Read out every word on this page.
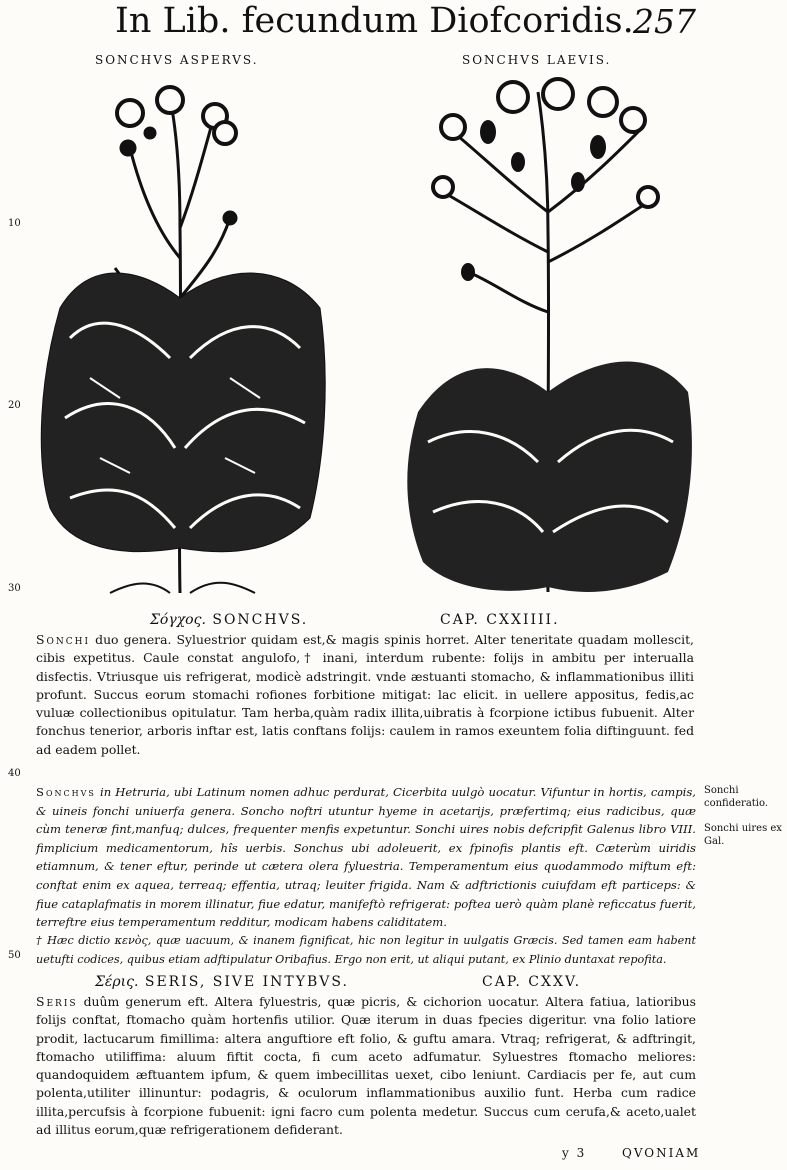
In Lib. fecundum Diofcoridis. 257
SONCHVS ASPERVS.	SONCHVS LAEVIS.
10
20
30
40
50
Σόγχος. SONCHVS.	CAP. CXXIIII.

Sonchi duo genera. Syluestrior quidam est,& magis spinis horret. Alter teneritate quadam mollescit, cibis expetitus. Caule constat angulofo,† inani, interdum rubente: folijs in ambitu per interualla disfectis. Vtriusque uis refrigerat, modicè adstringit. vnde æstuanti stomacho, & inflammationibus illiti profunt. Succus eorum stomachi rofiones forbitione mitigat: lac elicit. in uellere appositus, fedis,ac vuluæ collectionibus opitulatur. Tam herba,quàm radix illita,uibratis à fcorpione ictibus fubuenit. Alter fonchus tenerior, arboris inftar est, latis conftans folijs: caulem in ramos exeuntem folia diftinguunt. fed ad eadem pollet.

Sonchvs in Hetruria, ubi Latinum nomen adhuc perdurat, Cicerbita uulgò uocatur. Vifuntur in hortis, campis, & uineis fonchi uniuerfa genera. Soncho noftri utuntur hyeme in acetarijs, præfertimq; eius radicibus, quæ cùm teneræ fint,manfuq; dulces, frequenter menfis expetuntur. Sonchi uires nobis defcripfit Galenus libro VIII. fimplicium medicamentorum, hîs uerbis. Sonchus ubi adoleuerit, ex fpinofis plantis eft. Cæterùm uiridis etiamnum, & tener eftur, perinde ut cætera olera fyluestria. Temperamentum eius quodammodo miftum eft: conftat enim ex aquea, terreaq; effentia, utraq; leuiter frigida. Nam & adftrictionis cuiufdam eft particeps: & fiue cataplafmatis in morem illinatur, fiue edatur, manifeftò refrigerat: poftea uerò quàm planè reficcatus fuerit, terreftre eius temperamentum redditur, modicam habens caliditatem.

† Hæc dictio κενὸς, quæ uacuum, & inanem fignificat, hic non legitur in uulgatis Græcis. Sed tamen eam habent uetufti codices, quibus etiam adftipulatur Oribafius. Ergo non erit, ut aliqui putant, ex Plinio duntaxat repofita.

Sonchi confideratio.
Sonchi uires ex Gal.
Σέρις. SERIS, SIVE INTYBVS.	CAP. CXXV.

Seris duûm generum eft. Altera fyluestris, quæ picris, & cichorion uocatur. Altera fatiua, latioribus folijs conftat, ftomacho quàm hortenfis utilior. Quæ iterum in duas fpecies digeritur. vna folio latiore prodit, lactucarum fimillima: altera anguftiore eft folio, & guftu amara. Vtraq; refrigerat, & adftringit, ftomacho utiliffima: aluum fiftit cocta, fi cum aceto adfumatur. Syluestres ftomacho meliores: quandoquidem æftuantem ipfum, & quem imbecillitas uexet, cibo leniunt. Cardiacis per fe, aut cum polenta,utiliter illinuntur: podagris, & oculorum inflammationibus auxilio funt. Herba cum radice illita,percufsis à fcorpione fubuenit: igni facro cum polenta medetur. Succus cum cerufa,& aceto,ualet ad illitus eorum,quæ refrigerationem defiderant.

y 3	QVONIAM
